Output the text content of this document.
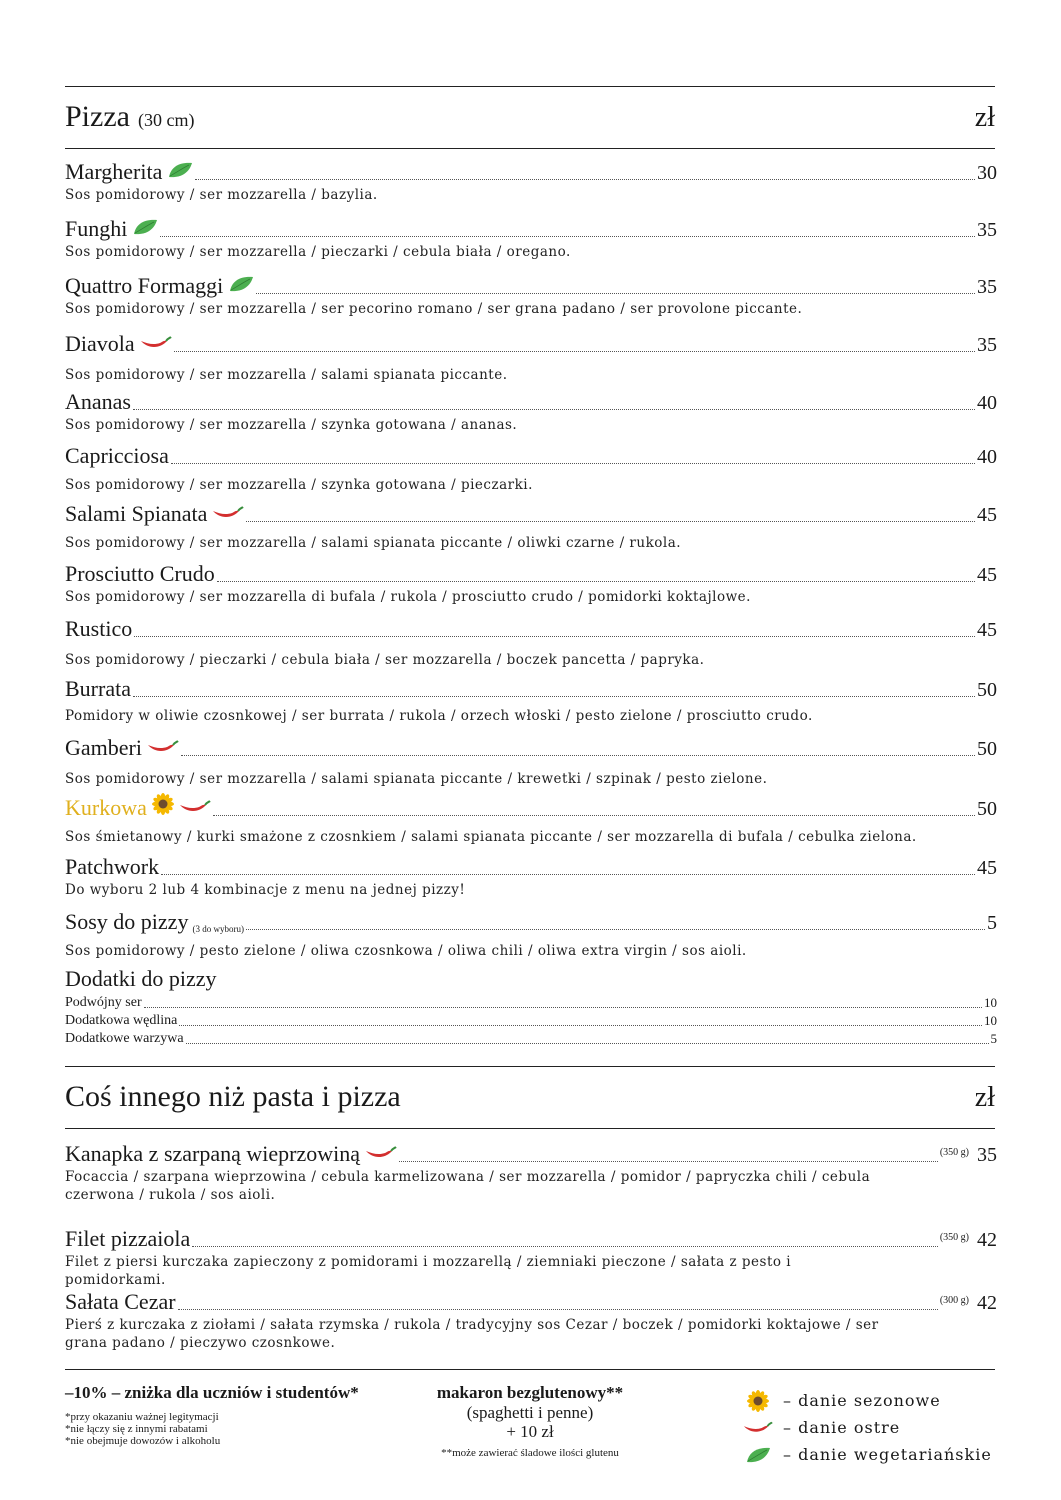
Pizza (30 cm)	zł
Margherita	30
Sos pomidorowy / ser mozzarella / bazylia.
Funghi	35
Sos pomidorowy / ser mozzarella / pieczarki / cebula biała / oregano.
Quattro Formaggi	35
Sos pomidorowy / ser mozzarella / ser pecorino romano / ser grana padano / ser provolone piccante.
Diavola	35
Sos pomidorowy / ser mozzarella / salami spianata piccante.
Ananas	40
Sos pomidorowy / ser mozzarella / szynka gotowana / ananas.
Capricciosa	40
Sos pomidorowy / ser mozzarella / szynka gotowana / pieczarki.
Salami Spianata	45
Sos pomidorowy / ser mozzarella / salami spianata piccante / oliwki czarne / rukola.
Prosciutto Crudo	45
Sos pomidorowy / ser mozzarella di bufala / rukola / prosciutto crudo / pomidorki koktajlowe.
Rustico	45
Sos pomidorowy / pieczarki / cebula biała / ser mozzarella / boczek pancetta / papryka.
Burrata	50
Pomidory w oliwie czosnkowej / ser burrata / rukola / orzech włoski / pesto zielone / prosciutto crudo.
Gamberi	50
Sos pomidorowy / ser mozzarella / salami spianata piccante / krewetki / szpinak / pesto zielone.
Kurkowa	50
Sos śmietanowy / kurki smażone z czosnkiem / salami spianata piccante / ser mozzarella di bufala / cebulka zielona.
Patchwork	45
Do wyboru 2 lub 4 kombinacje z menu na jednej pizzy!
Sosy do pizzy (3 do wyboru)	5
Sos pomidorowy / pesto zielone / oliwa czosnkowa / oliwa chili / oliwa extra virgin / sos aioli.
Dodatki do pizzy
Podwójny ser	10
Dodatkowa wędlina	10
Dodatkowe warzywa	5
Coś innego niż pasta i pizza	zł
Kanapka z szarpaną wieprzowiną	(350 g) 35
Focaccia / szarpana wieprzowina / cebula karmelizowana / ser mozzarella / pomidor / papryczka chili / cebula czerwona / rukola / sos aioli.
Filet pizzaiola	(350 g) 42
Filet z piersi kurczaka zapieczony z pomidorami i mozzarellą / ziemniaki pieczone / sałata z pesto i pomidorkami.
Sałata Cezar	(300 g) 42
Pierś z kurczaka z ziołami / sałata rzymska / rukola / tradycyjny sos Cezar / boczek / pomidorki koktajowe / ser grana padano / pieczywo czosnkowe.
–10% – zniżka dla uczniów i studentów*
*przy okazaniu ważnej legitymacji
*nie łączy się z innymi rabatami
*nie obejmuje dowozów i alkoholu
makaron bezglutenowy**
(spaghetti i penne)
+ 10 zł
**może zawierać śladowe ilości glutenu
– danie sezonowe
– danie ostre
– danie wegetariańskie
